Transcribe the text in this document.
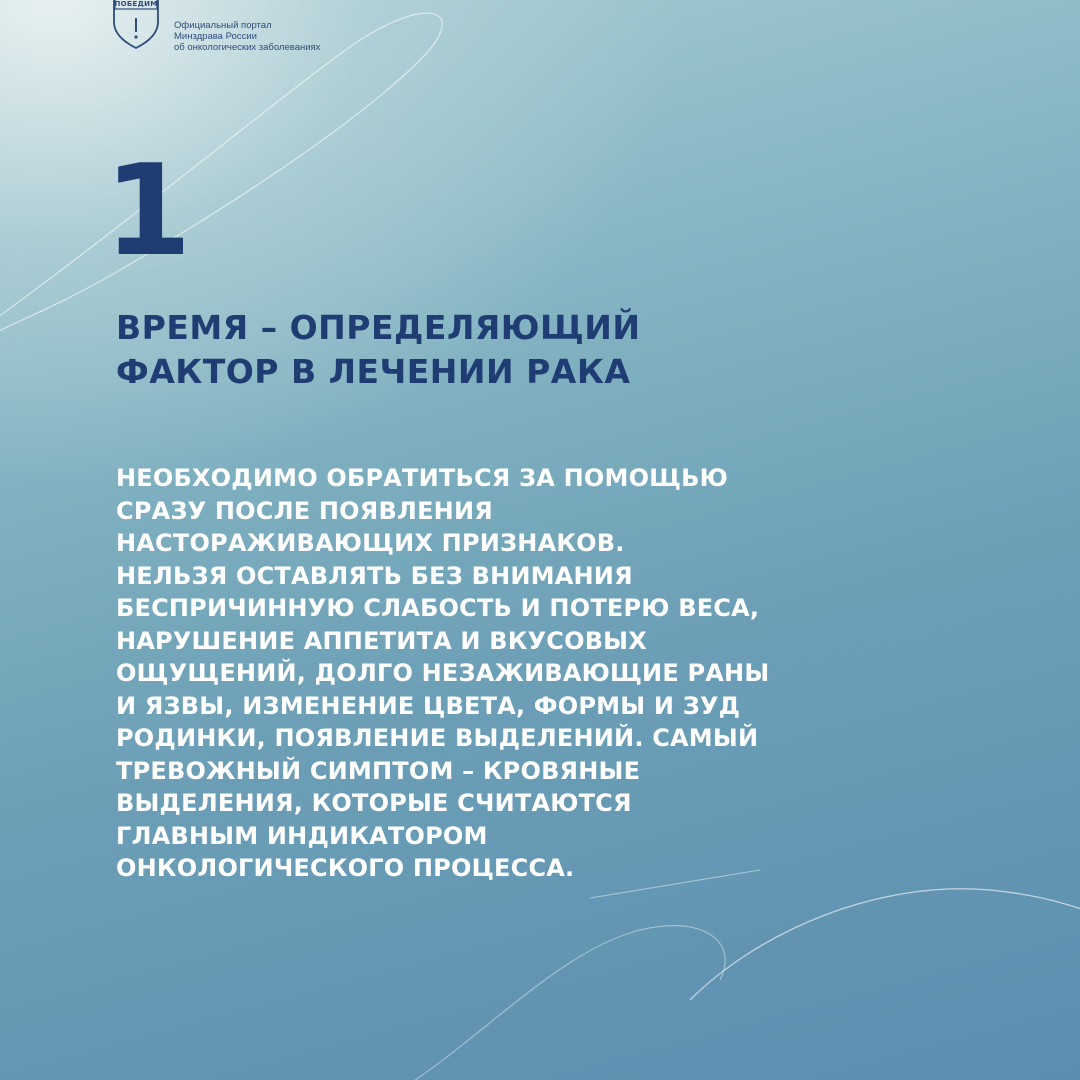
ПОБЕДИМ
Официальный портал
Минздрава России
об онкологических заболеваниях
1
ВРЕМЯ – ОПРЕДЕЛЯЮЩИЙ
ФАКТОР В ЛЕЧЕНИИ РАКА
НЕОБХОДИМО ОБРАТИТЬСЯ ЗА ПОМОЩЬЮ
СРАЗУ ПОСЛЕ ПОЯВЛЕНИЯ
НАСТОРАЖИВАЮЩИХ ПРИЗНАКОВ.
НЕЛЬЗЯ ОСТАВЛЯТЬ БЕЗ ВНИМАНИЯ
БЕСПРИЧИННУЮ СЛАБОСТЬ И ПОТЕРЮ ВЕСА,
НАРУШЕНИЕ АППЕТИТА И ВКУСОВЫХ
ОЩУЩЕНИЙ, ДОЛГО НЕЗАЖИВАЮЩИЕ РАНЫ
И ЯЗВЫ, ИЗМЕНЕНИЕ ЦВЕТА, ФОРМЫ И ЗУД
РОДИНКИ, ПОЯВЛЕНИЕ ВЫДЕЛЕНИЙ. САМЫЙ
ТРЕВОЖНЫЙ СИМПТОМ – КРОВЯНЫЕ
ВЫДЕЛЕНИЯ, КОТОРЫЕ СЧИТАЮТСЯ
ГЛАВНЫМ ИНДИКАТОРОМ
ОНКОЛОГИЧЕСКОГО ПРОЦЕССА.
